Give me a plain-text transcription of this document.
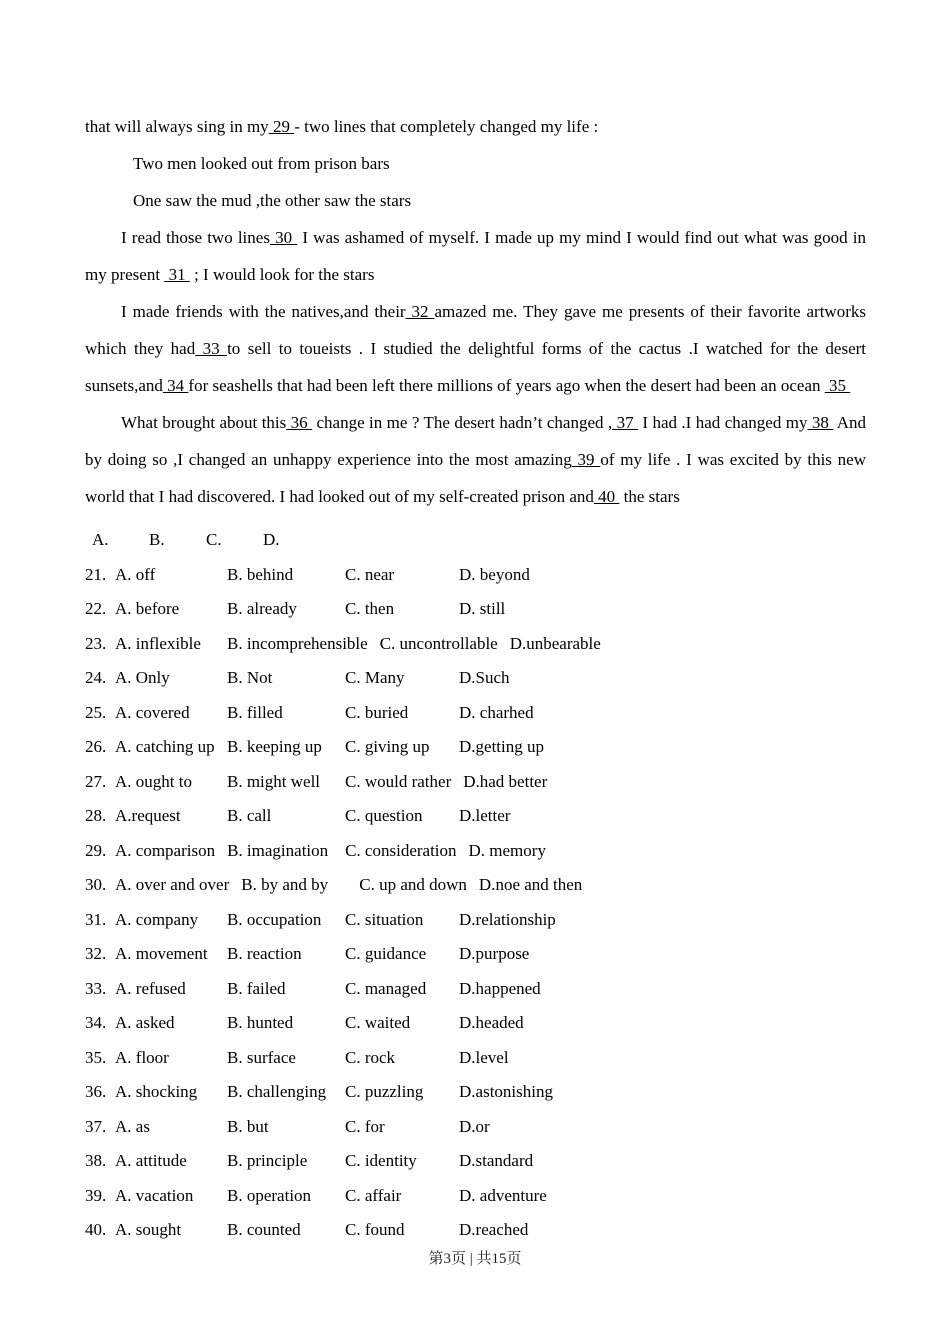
that will always sing in my 29 - two lines that completely changed my life :

Two men looked out from prison bars

One saw the mud ,the other saw the stars

I read those two lines 30  I was ashamed of myself. I made up my mind I would find out what was good in my present  31  ; I would look for the stars

I made friends with the natives,and their 32 amazed me. They gave me presents of their favorite artworks which they had 33 to sell to toueists . I studied the delightful forms of the cactus .I watched for the desert sunsets,and 34 for seashells that had been left there millions of years ago when the desert had been an ocean  35

What brought about this 36  change in me ? The desert hadn’t changed , 37  I had .I had changed my 38  And by doing so ,I changed an unhappy experience into the most amazing 39 of my life . I was excited by this new world that I had discovered. I had looked out of my self-created prison and 40  the stars

A. B. C. D.
21. A. off	B. behind	C. near	D. beyond
22. A. before	B. already	C. then	D. still
23. A. inflexible B. incomprehensible C. uncontrollable D.unbearable
24. A. Only	B. Not	C. Many	D.Such
25. A. covered B. filled	C. buried	D. charhed
26. A. catching up B. keeping up C. giving up D.getting up
27. A. ought to B. might well C. would rather D.had better
28. A.request	B. call	C. question D.letter
29. A. comparison B. imagination C. consideration D. memory
30. A. over and over B. by and by C. up and down D.noe and then
31. A. company B. occupation C. situation D.relationship
32. A. movement B. reaction	C. guidance D.purpose
33. A. refused B. failed	C. managed D.happened
34. A. asked	B. hunted	C. waited	D.headed
35. A. floor	B. surface	C. rock	D.level
36. A. shocking B. challenging C. puzzling D.astonishing
37. A. as	B. but	C. for	D.or
38. A. attitude B. principle C. identity D.standard
39. A. vacation B. operation C. affair	D. adventure
40. A. sought	B. counted	C. found	D.reached
第3页 | 共15页
